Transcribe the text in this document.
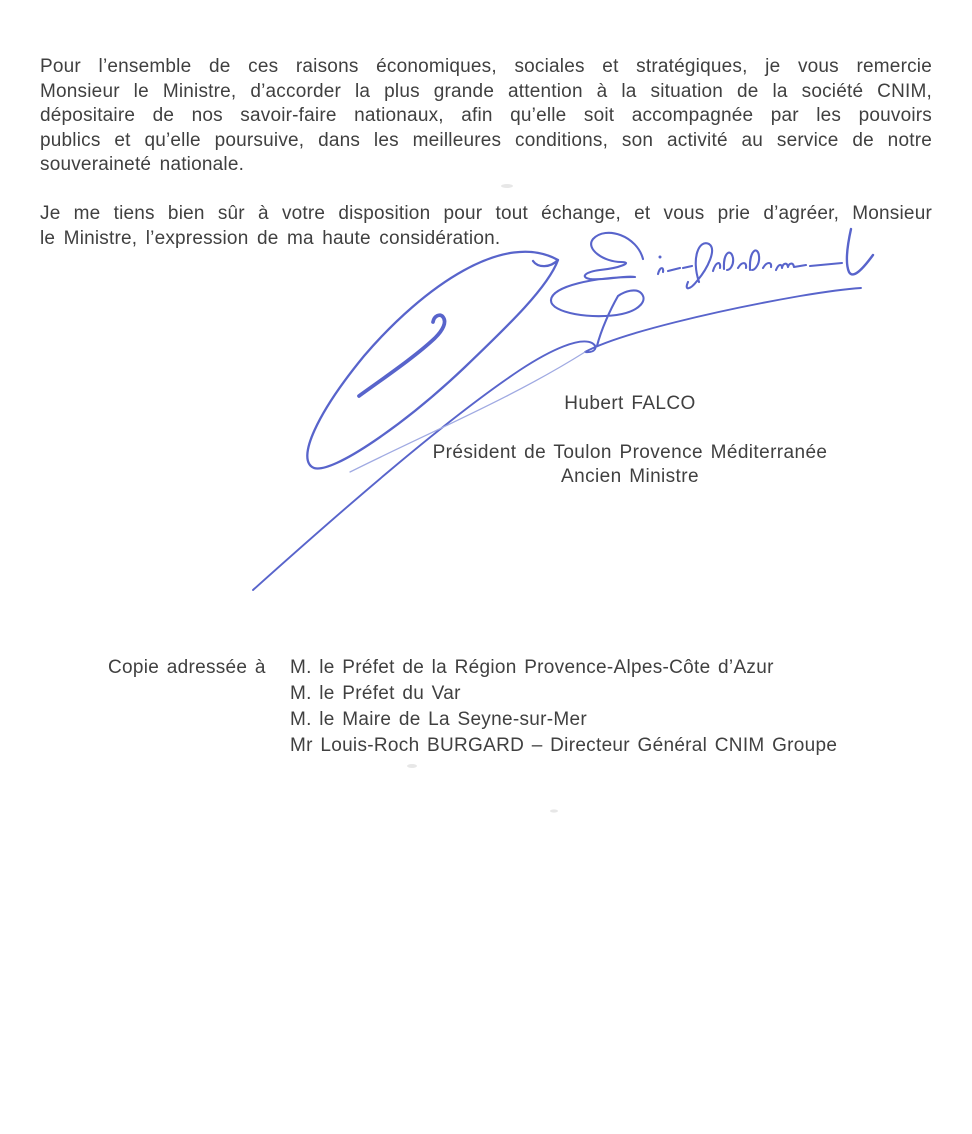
Pour l’ensemble de ces raisons économiques, sociales et stratégiques, je vous remercie
Monsieur le Ministre, d’accorder la plus grande attention à la situation de la société CNIM,
dépositaire de nos savoir-faire nationaux, afin qu’elle soit accompagnée par les pouvoirs
publics et qu’elle poursuive, dans les meilleures conditions, son activité au service de notre
souveraineté nationale.
Je me tiens bien sûr à votre disposition pour tout échange, et vous prie d’agréer, Monsieur
le Ministre, l’expression de ma haute considération.
Hubert FALCO
Président de Toulon Provence Méditerranée
Ancien Ministre
Copie adressée à	M. le Préfet de la Région Provence-Alpes-Côte d’Azur
M. le Préfet du Var
M. le Maire de La Seyne-sur-Mer
Mr Louis-Roch BURGARD – Directeur Général CNIM Groupe
